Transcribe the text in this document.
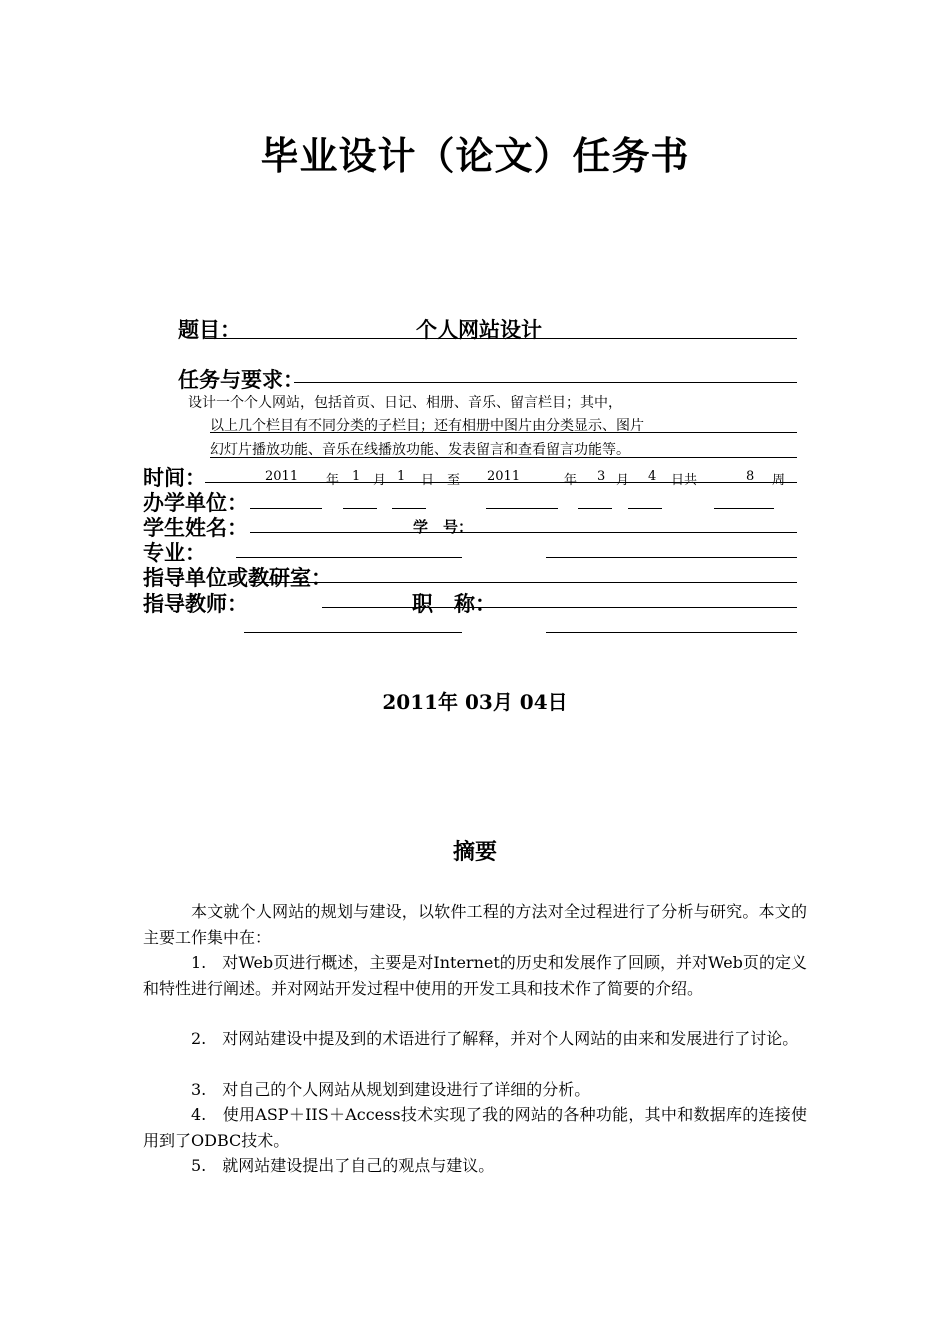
毕业设计（论文）任务书
题目：	个人网站设计
任务与要求：
设计一个个人网站，包括首页、日记、相册、音乐、留言栏目；其中，
以上几个栏目有不同分类的子栏目；还有相册中图片由分类显示、图片
幻灯片播放功能、音乐在线播放功能、发表留言和查看留言功能等。
时间：	2011 年 1 月 1 日 至 2011	年 3 月 4 日共	8 周
办学单位：
学生姓名：	学　号：
专业：
指导单位或教研室：
指导教师：	职　称：
2011年 03月 04日
摘要
本文就个人网站的规划与建设，以软件工程的方法对全过程进行了分析与研究。本文的主要工作集中在：
1.　对Web页进行概述，主要是对Internet的历史和发展作了回顾，并对Web页的定义和特性进行阐述。并对网站开发过程中使用的开发工具和技术作了简要的介绍。
2.　对网站建设中提及到的术语进行了解释，并对个人网站的由来和发展进行了讨论。
3.　对自己的个人网站从规划到建设进行了详细的分析。
4.　使用ASP＋IIS＋Access技术实现了我的网站的各种功能，其中和数据库的连接使用到了ODBC技术。
5.　就网站建设提出了自己的观点与建议。
